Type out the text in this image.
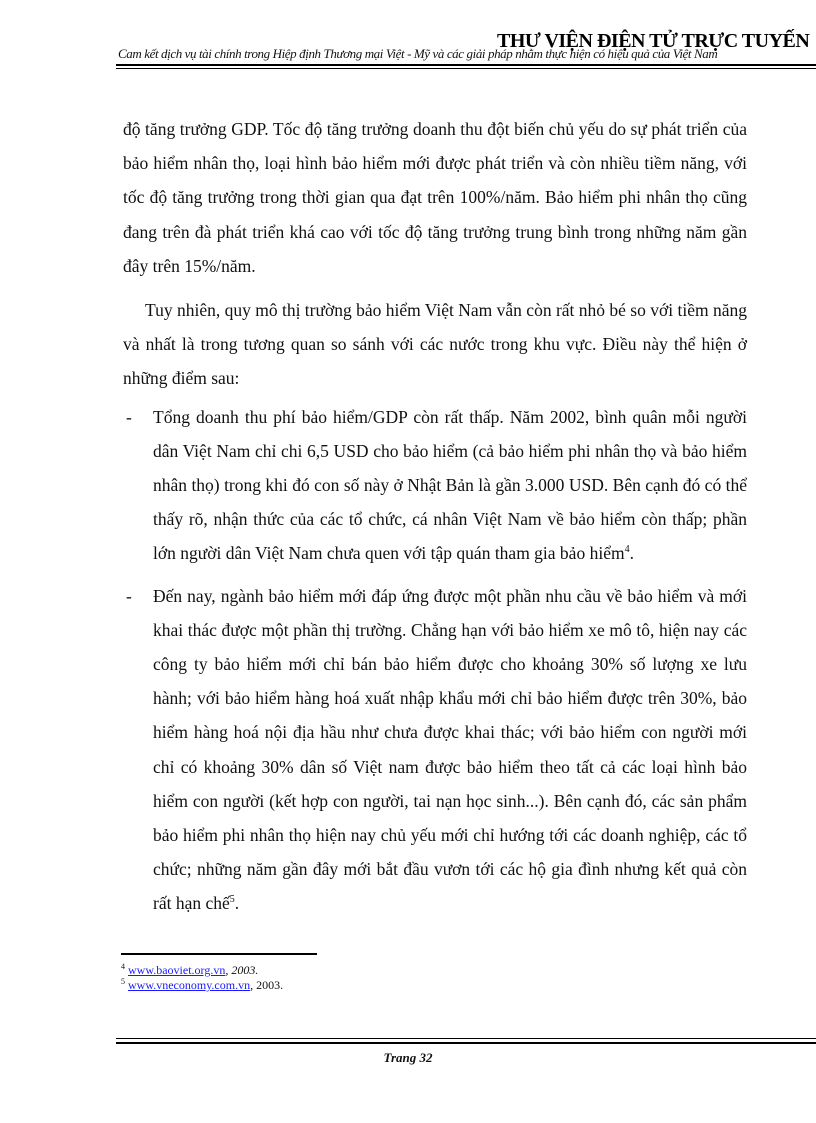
Cam kết dịch vụ tài chính trong Hiệp định Thương mại Việt - Mỹ và các giải pháp nhằm thực hiện có hiệu quả của Việt Nam
THƯ VIỆN ĐIỆN TỬ TRỰC TUYẾN

độ tăng trưởng GDP. Tốc độ tăng trưởng doanh thu đột biến chủ yếu do sự phát triển của bảo hiểm nhân thọ, loại hình bảo hiểm mới được phát triển và còn nhiều tiềm năng, với tốc độ tăng trưởng trong thời gian qua đạt trên 100%/năm. Bảo hiểm phi nhân thọ cũng đang trên đà phát triển khá cao với tốc độ tăng trưởng trung bình trong những năm gần đây trên 15%/năm.

Tuy nhiên, quy mô thị trường bảo hiểm Việt Nam vẫn còn rất nhỏ bé so với tiềm năng và nhất là trong tương quan so sánh với các nước trong khu vực. Điều này thể hiện ở những điểm sau:

- Tổng doanh thu phí bảo hiểm/GDP còn rất thấp. Năm 2002, bình quân mỗi người dân Việt Nam chỉ chi 6,5 USD cho bảo hiểm (cả bảo hiểm phi nhân thọ và bảo hiểm nhân thọ) trong khi đó con số này ở Nhật Bản là gần 3.000 USD. Bên cạnh đó có thể thấy rõ, nhận thức của các tổ chức, cá nhân Việt Nam về bảo hiểm còn thấp; phần lớn người dân Việt Nam chưa quen với tập quán tham gia bảo hiểm$^4$.
- Đến nay, ngành bảo hiểm mới đáp ứng được một phần nhu cầu về bảo hiểm và mới khai thác được một phần thị trường. Chẳng hạn với bảo hiểm xe mô tô, hiện nay các công ty bảo hiểm mới chỉ bán bảo hiểm được cho khoảng 30% số lượng xe lưu hành; với bảo hiểm hàng hoá xuất nhập khẩu mới chỉ bảo hiểm được trên 30%, bảo hiểm hàng hoá nội địa hầu như chưa được khai thác; với bảo hiểm con người mới chỉ có khoảng 30% dân số Việt nam được bảo hiểm theo tất cả các loại hình bảo hiểm con người (kết hợp con người, tai nạn học sinh...). Bên cạnh đó, các sản phẩm bảo hiểm phi nhân thọ hiện nay chủ yếu mới chỉ hướng tới các doanh nghiệp, các tổ chức; những năm gần đây mới bắt đầu vươn tới các hộ gia đình nhưng kết quả còn rất hạn chế$^5$.
$^4$ www.baoviet.org.vn, 2003.
$^5$ www.vneconomy.com.vn, 2003.
Trang 32
